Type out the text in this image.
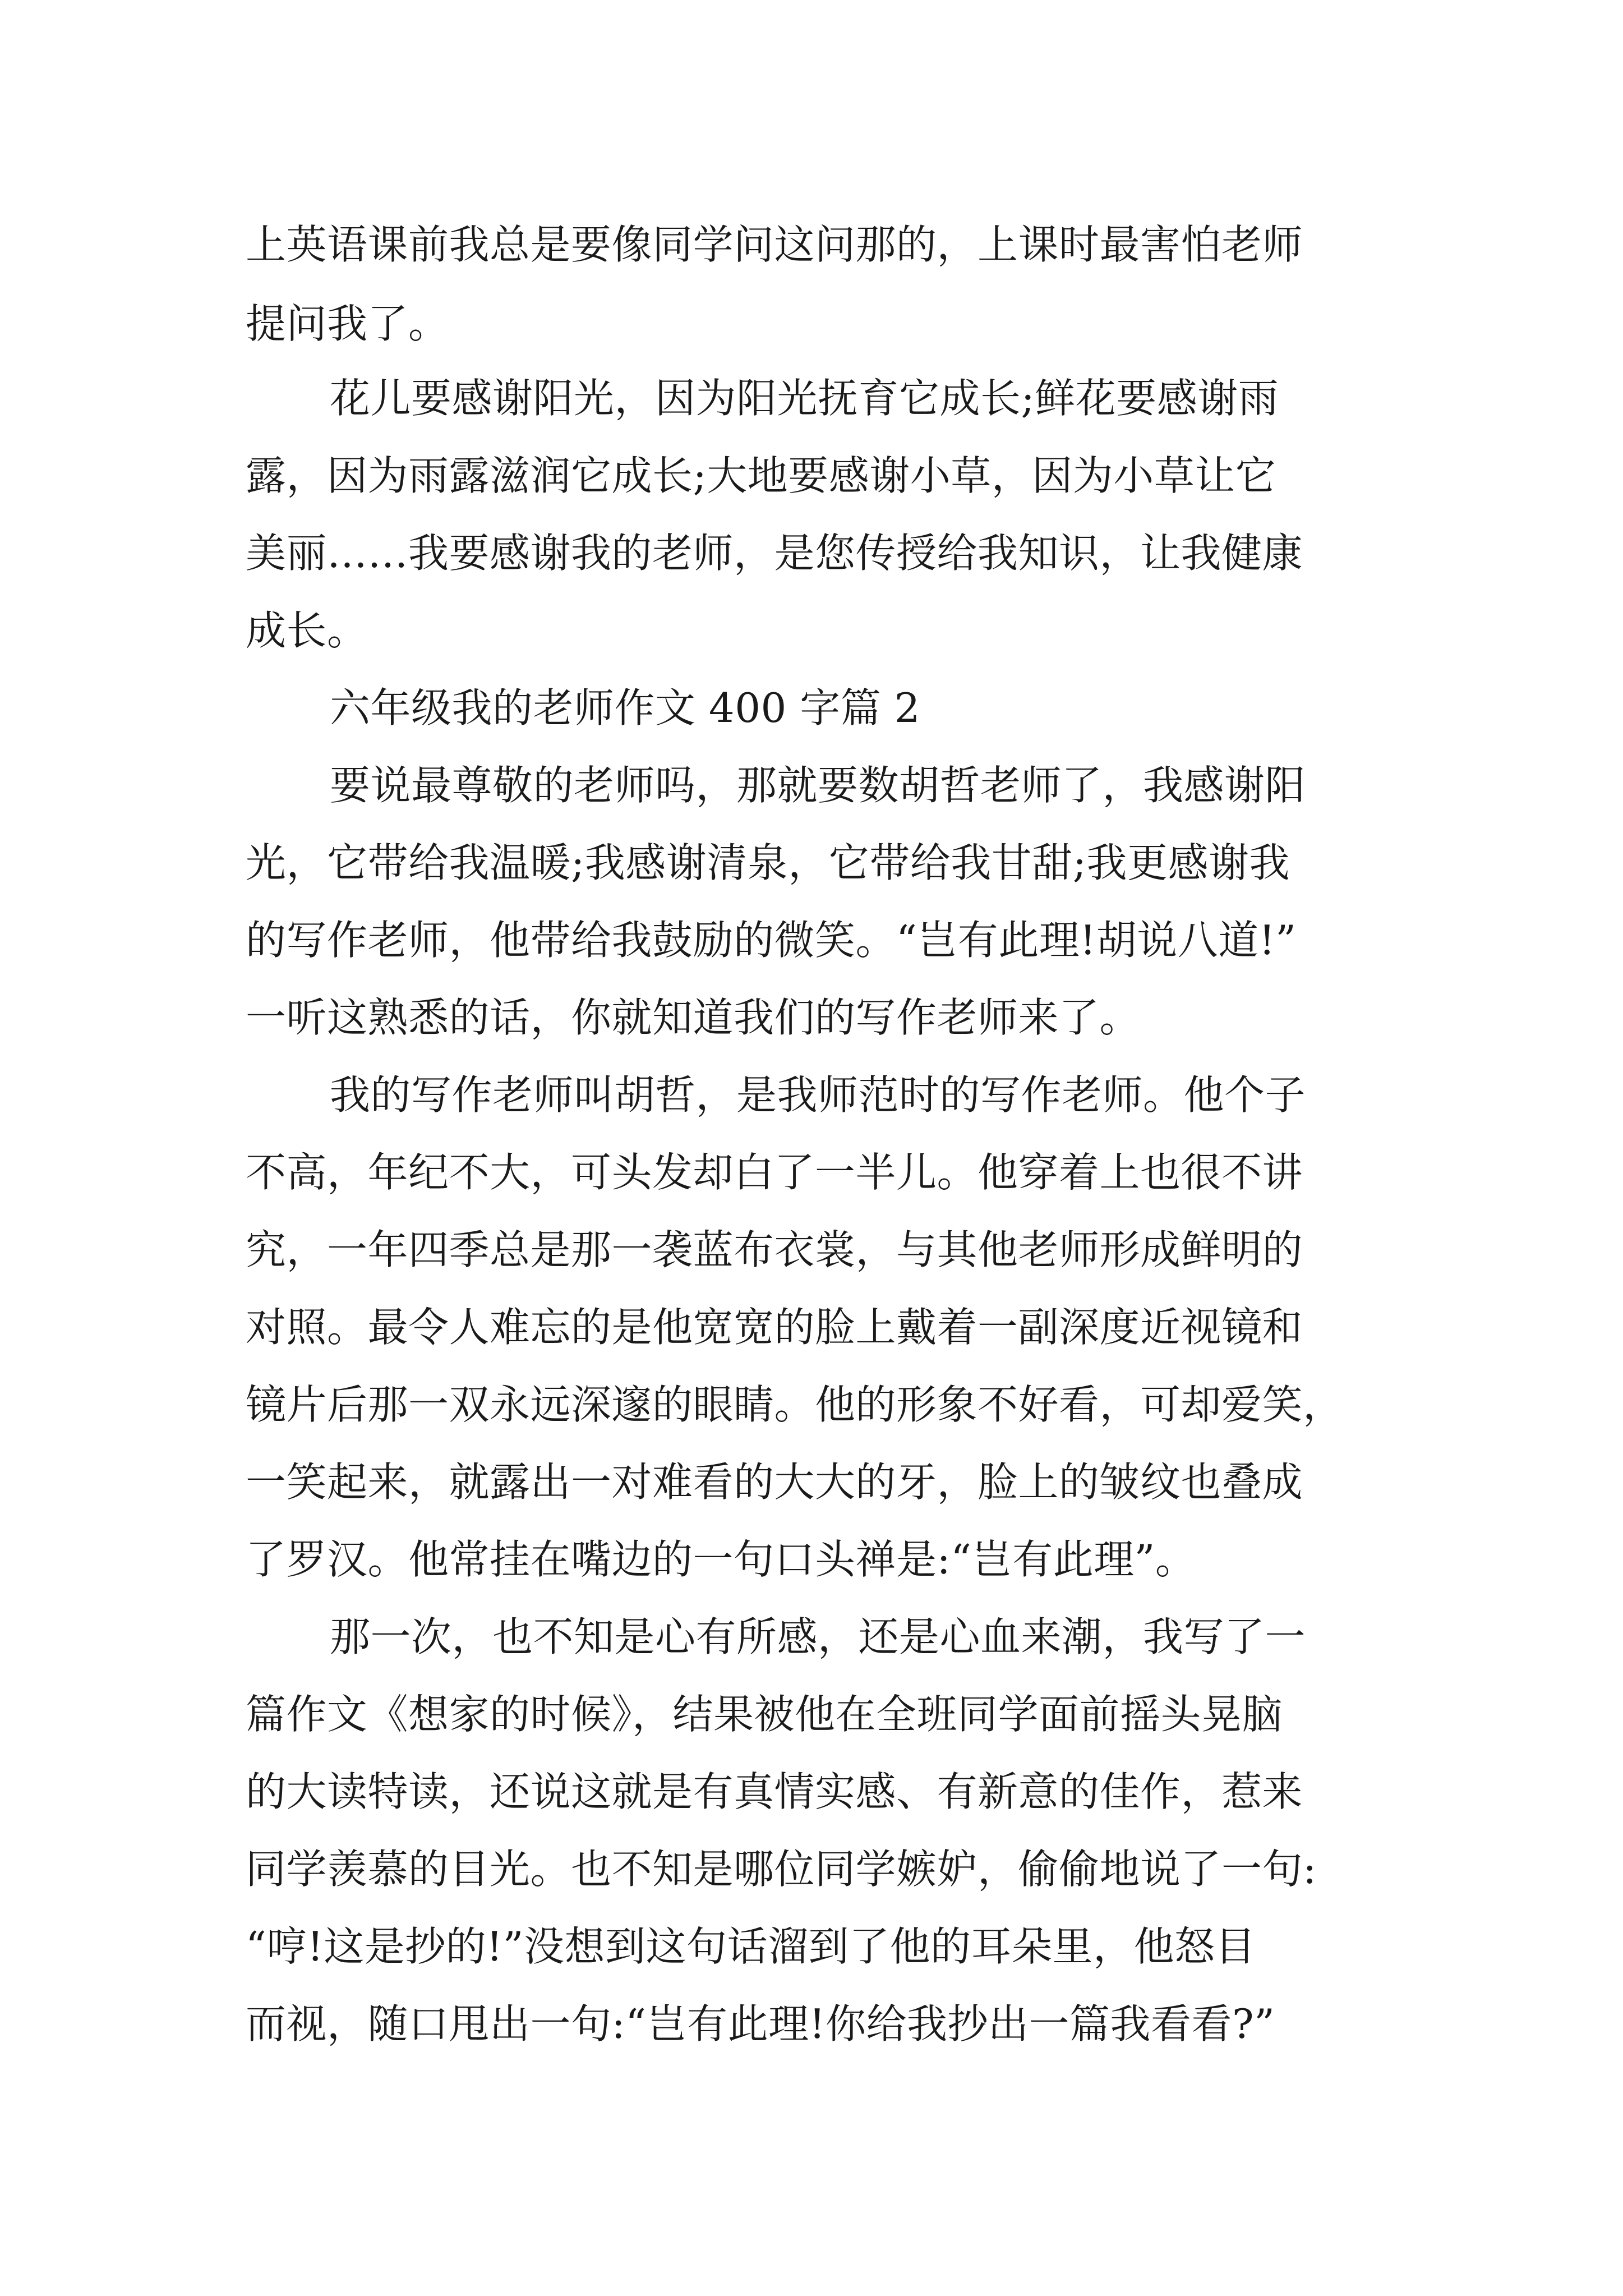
上英语课前我总是要像同学问这问那的，上课时最害怕老师
提问我了。
花儿要感谢阳光，因为阳光抚育它成长;鲜花要感谢雨
露，因为雨露滋润它成长;大地要感谢小草，因为小草让它
美丽……我要感谢我的老师，是您传授给我知识，让我健康
成长。
六年级我的老师作文 400 字篇 2
要说最尊敬的老师吗，那就要数胡哲老师了，我感谢阳
光，它带给我温暖;我感谢清泉，它带给我甘甜;我更感谢我
的写作老师，他带给我鼓励的微笑。“岂有此理!胡说八道!”
一听这熟悉的话，你就知道我们的写作老师来了。
我的写作老师叫胡哲，是我师范时的写作老师。他个子
不高，年纪不大，可头发却白了一半儿。他穿着上也很不讲
究，一年四季总是那一袭蓝布衣裳，与其他老师形成鲜明的
对照。最令人难忘的是他宽宽的脸上戴着一副深度近视镜和
镜片后那一双永远深邃的眼睛。他的形象不好看，可却爱笑，
一笑起来，就露出一对难看的大大的牙，脸上的皱纹也叠成
了罗汉。他常挂在嘴边的一句口头禅是:“岂有此理”。
那一次，也不知是心有所感，还是心血来潮，我写了一
篇作文《想家的时候》，结果被他在全班同学面前摇头晃脑
的大读特读，还说这就是有真情实感、有新意的佳作，惹来
同学羡慕的目光。也不知是哪位同学嫉妒，偷偷地说了一句:
“哼!这是抄的!”没想到这句话溜到了他的耳朵里，他怒目
而视，随口甩出一句:“岂有此理!你给我抄出一篇我看看?”
